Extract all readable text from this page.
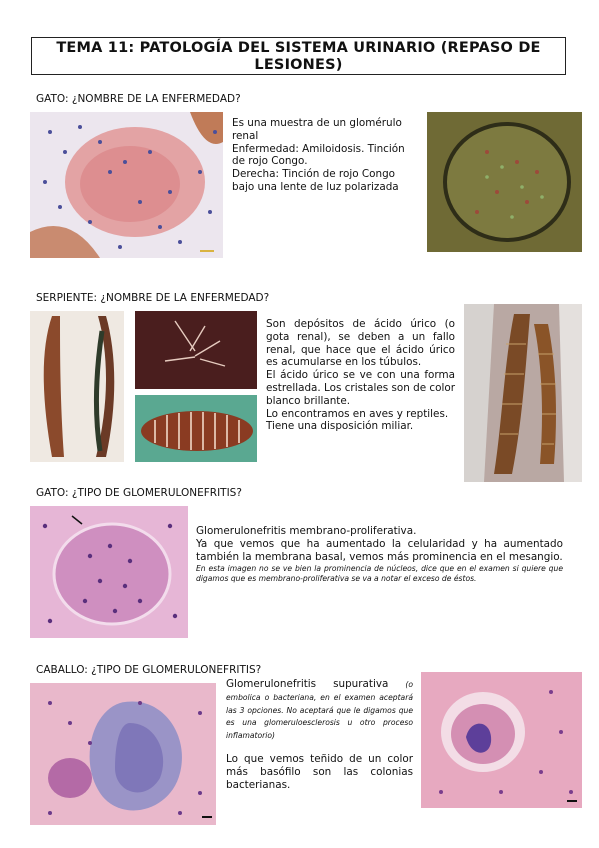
TEMA 11: PATOLOGÍA DEL SISTEMA URINARIO (REPASO DE LESIONES)
GATO: ¿NOMBRE DE LA ENFERMEDAD?

Es una muestra de un glomérulo renal

Enfermedad: Amiloidosis. Tinción de rojo Congo.

Derecha: Tinción de rojo Congo bajo una lente de luz polarizada

SERPIENTE: ¿NOMBRE DE LA ENFERMEDAD?

Son depósitos de ácido úrico (o gota renal), se deben a un fallo renal, que hace que el ácido úrico es acumularse en los túbulos.

El ácido úrico se ve con una forma estrellada. Los cristales son de color blanco brillante.

Lo encontramos en aves y reptiles.

Tiene una disposición miliar.

GATO: ¿TIPO DE GLOMERULONEFRITIS?

Glomerulonefritis membrano-proliferativa.

Ya que vemos que ha aumentado la celularidad y ha aumentado también la membrana basal, vemos más prominencia en el mesangio.

En esta imagen no se ve bien la prominencia de núcleos, dice que en el examen si quiere que digamos que es membrano-proliferativa se va a notar el exceso de éstos.

CABALLO: ¿TIPO DE GLOMERULONEFRITIS?

Glomerulonefritis supurativa (o embolica o bacteriana, en el examen aceptará las 3 opciones. No aceptará que le digamos que es una glomeruloesclerosis u otro proceso inflamatorio)

Lo que vemos teñido de un color más basófilo son las colonias bacterianas.
